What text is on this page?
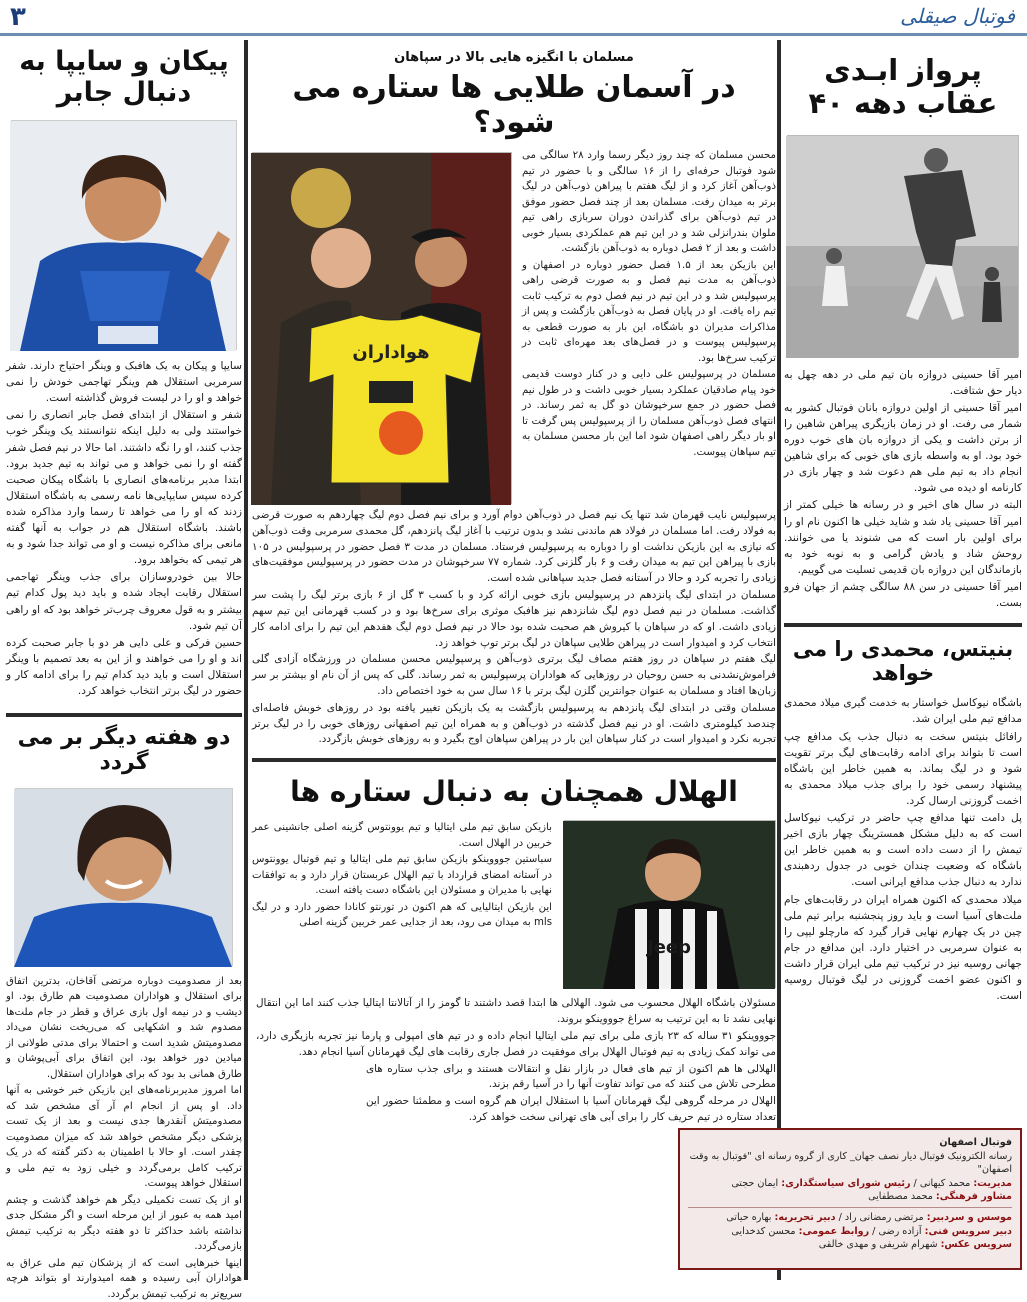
۳	فوتبال صیقلی
پیکان و سایپا به دنبال جابر

سایپا و پیکان به یک هافبک و وینگر احتیاج دارند. شفر سرمربی استقلال هم وینگر تهاجمی خودش را نمی خواهد و او را در لیست فروش گذاشته است.

شفر و استقلال از ابتدای فصل جابر انصاری را نمی خواستند ولی به دلیل اینکه نتوانستند یک وینگر خوب جذب کنند، او را نگه داشتند. اما حالا در نیم فصل شفر گفته او را نمی خواهد و می تواند به تیم جدید برود. ابتدا مدیر برنامه‌های انصاری با باشگاه پیکان صحبت کرده سپس سایپایی‌ها نامه رسمی به باشگاه استقلال زدند که او را می خواهد تا رسما وارد مذاکره شده باشند. باشگاه استقلال هم در جواب به آنها گفته مانعی برای مذاکره نیست و او می تواند جدا شود و به هر تیمی که بخواهد برود.

حالا بین خودروسازان برای جذب وینگر تهاجمی استقلال رقابت ایجاد شده و باید دید پول کدام تیم بیشتر و به قول معروف چرب‌تر خواهد بود که او راهی آن تیم شود.

حسین فرکی و علی دایی هر دو با جابر صحبت کرده اند و او را می خواهند و از این به بعد تصمیم با وینگر استقلال است و باید دید کدام تیم را برای ادامه کار و حضور در لیگ برتر انتخاب خواهد کرد.

دو هفته دیگر بر می گردد

بعد از مصدومیت دوباره مرتضی آقاخان، بدترین اتفاق برای استقلال و هواداران مصدومیت هم طارق بود. او دیشب و در نیمه اول بازی عراق و قطر در جام ملت‌ها مصدوم شد و اشکهایی که می‌ریخت نشان می‌داد مصدومیتش شدید است و احتمالا برای مدتی طولانی از میادین دور خواهد بود. این اتفاق برای آبی‌پوشان و طارق همانی بد بود که برای هواداران استقلال.

اما امروز مدیربرنامه‌های این بازیکن خبر خوشی به آنها داد. او پس از انجام ام آر آی مشخص شد که مصدومیتش آنقدرها جدی نیست و بعد از یک تست پزشکی دیگر مشخص خواهد شد که میزان مصدومیت چقدر است. او حالا با اطمینان به دکتر گفته که در یک ترکیب کامل برمی‌گردد و خیلی زود به تیم ملی و استقلال خواهد پیوست.

او از یک تست تکمیلی دیگر هم خواهد گذشت و چشم امید همه به عبور از این مرحله است و اگر مشکل جدی نداشته باشد حداکثر تا دو هفته دیگر به ترکیب تیمش بازمی‌گردد.

اینها خبرهایی است که از پزشکان تیم ملی عراق به هواداران آبی رسیده و همه امیدوارند او بتواند هرچه سریع‌تر به ترکیب تیمش برگردد.

مسلمان با انگیزه هایی بالا در سپاهان
در آسمان طلایی ها ستاره می شود؟
هواداران

محسن مسلمان که چند روز دیگر رسما وارد ۲۸ سالگی می شود فوتبال حرفه‌ای را از ۱۶ سالگی و با حضور در تیم ذوب‌آهن آغاز کرد و از لیگ هفتم با پیراهن ذوب‌آهن در لیگ برتر به میدان رفت. مسلمان بعد از چند فصل حضور موفق در تیم ذوب‌آهن برای گذراندن دوران سربازی راهی تیم ملوان بندرانزلی شد و در این تیم هم عملکردی بسیار خوبی داشت و بعد از ۲ فصل دوباره به ذوب‌آهن بازگشت.

این بازیکن بعد از ۱.۵ فصل حضور دوباره در اصفهان و ذوب‌آهن به مدت نیم فصل و به صورت قرضی راهی پرسپولیس شد و در این تیم در نیم فصل دوم به ترکیب ثابت تیم راه یافت. او در پایان فصل به ذوب‌آهن بازگشت و پس از مذاکرات مدیران دو باشگاه، این بار به صورت قطعی به پرسپولیس پیوست و در فصل‌های بعد مهره‌ای ثابت در ترکیب سرخ‌ها بود.

مسلمان در پرسپولیس علی دایی و در کنار دوست قدیمی خود پیام صادقیان عملکرد بسیار خوبی داشت و در طول نیم فصل حضور در جمع سرخپوشان دو گل به ثمر رساند. در انتهای فصل ذوب‌آهن مسلمان را از پرسپولیس پس گرفت تا او بار دیگر راهی اصفهان شود اما این بار محسن مسلمان به تیم سپاهان پیوست.

پرسپولیس نایب قهرمان شد تنها یک نیم فصل در ذوب‌آهن دوام آورد و برای نیم فصل دوم لیگ چهاردهم به صورت قرضی به فولاد رفت. اما مسلمان در فولاد هم ماندنی نشد و بدون ترتیب با آغاز لیگ پانزدهم، گل محمدی سرمربی وقت ذوب‌آهن که نیازی به این بازیکن نداشت او را دوباره به پرسپولیس فرستاد. مسلمان در مدت ۳ فصل حضور در پرسپولیس در ۱۰۵ بازی با پیراهن این تیم به میدان رفت و ۶ بار گلزنی کرد. شماره ۷۷ سرخپوشان در مدت حضور در پرسپولیس موفقیت‌های زیادی را تجربه کرد و حالا در آستانه فصل جدید سپاهانی شده است.

مسلمان در ابتدای لیگ پانزدهم در پرسپولیس بازی خوبی ارائه کرد و با کسب ۳ گل از ۶ بازی برتر لیگ را پشت سر گذاشت. مسلمان در نیم فصل دوم لیگ شانزدهم نیز هافبک موثری برای سرخ‌ها بود و در کسب قهرمانی این تیم سهم زیادی داشت. او که در سپاهان با کیروش هم صحبت شده بود حالا در نیم فصل دوم لیگ هفدهم این تیم را برای ادامه کار انتخاب کرد و امیدوار است در پیراهن طلایی سپاهان در لیگ برتر توپ خواهد زد.

لیگ هفتم در سپاهان در روز هفتم مصاف لیگ برتری ذوب‌آهن و پرسپولیس محسن مسلمان در ورزشگاه آزادی گلی فراموش‌نشدنی به حسن روحیان در روزهایی که هواداران پرسپولیس به ثمر رساند. گلی که پس از آن نام او بیشتر بر سر زبان‌ها افتاد و مسلمان به عنوان جوانترین گلزن لیگ برتر با ۱۶ سال سن به خود اختصاص داد.

مسلمان وقتی در ابتدای لیگ پانزدهم به پرسپولیس بازگشت به یک بازیکن تغییر یافته بود در روزهای خوبش فاصله‌ای چندصد کیلومتری داشت. او در نیم فصل گذشته در ذوب‌آهن و به همراه این تیم اصفهانی روزهای خوبی را در لیگ برتر تجربه نکرد و امیدوار است در کنار سپاهان این بار در پیراهن سپاهان اوج بگیرد و به روزهای خوبش بازگردد.

الهلال همچنان به دنبال ستاره ها
Jeep

بازیکن سابق تیم ملی ایتالیا و تیم یوونتوس گزینه اصلی جانشینی عمر خربین در الهلال است.

سباستین جوووینکو بازیکن سابق تیم ملی ایتالیا و تیم فوتبال یوونتوس در آستانه امضای قرارداد با تیم الهلال عربستان قرار دارد و به توافقات نهایی با مدیران و مسئولان این باشگاه دست یافته است.

این بازیکن ایتالیایی که هم اکنون در تورنتو کانادا حضور دارد و در لیگ mls به میدان می رود، بعد از جدایی عمر خربین گزینه اصلی

مسئولان باشگاه الهلال محسوب می شود. الهلالی ها ابتدا قصد داشتند تا گومز را از آتالانتا ایتالیا جذب کنند اما این انتقال نهایی نشد تا به این ترتیب به سراغ جوووینکو بروند.

جوووینکو ۳۱ ساله که ۲۳ بازی ملی برای تیم ملی ایتالیا انجام داده و در تیم های امپولی و پارما نیز تجربه بازیگری دارد، می تواند کمک زیادی به تیم فوتبال الهلال برای موفقیت در فصل جاری رقابت های لیگ قهرمانان آسیا انجام دهد.

الهلالی ها هم اکنون از تیم های فعال در بازار نقل و انتقالات هستند و برای جذب ستاره های مطرحی تلاش می کنند که می تواند تفاوت آنها را در آسیا رقم بزند.

الهلال در مرحله گروهی لیگ قهرمانان آسیا با استقلال ایران هم گروه است و مطمئنا حضور این تعداد ستاره در تیم حریف کار را برای آبی های تهرانی سخت خواهد کرد.

پرواز ابـدی عقاب دهه ۴۰

امیر آقا حسینی دروازه بان تیم ملی در دهه چهل به دیار حق شتافت.

امیر آقا حسینی از اولین دروازه بانان فوتبال کشور به شمار می رفت. او در زمان بازیگری پیراهن شاهین را از برتن داشت و یکی از دروازه بان های خوب دوره خود بود. او به واسطه بازی های خوبی که برای شاهین انجام داد به تیم ملی هم دعوت شد و چهار بازی در کارنامه او دیده می شود.

البته در سال های اخیر و در رسانه ها خیلی کمتر از امیر آقا حسینی یاد شد و شاید خیلی ها اکنون نام او را برای اولین بار است که می شنوند یا می خوانند. روحش شاد و یادش گرامی و به نوبه خود به بازماندگان این دروازه بان قدیمی تسلیت می گوییم.

امیر آقا حسینی در سن ۸۸ سالگی چشم از جهان فرو بست.

بنیتس، محمدی را می خواهد

باشگاه نیوکاسل خواستار به خدمت گیری میلاد محمدی مدافع تیم ملی ایران شد.

رافائل بنیتس سخت به دنبال جذب یک مدافع چپ است تا بتواند برای ادامه رقابت‌های لیگ برتر تقویت شود و در لیگ بماند. به همین خاطر این باشگاه پیشنهاد رسمی خود را برای جذب میلاد محمدی به اخمت گروزنی ارسال کرد.

پل دامت تنها مدافع چپ حاضر در ترکیب نیوکاسل است که به دلیل مشکل همسترینگ چهار بازی اخیر تیمش را از دست داده است و به همین خاطر این باشگاه که وضعیت چندان خوبی در جدول ردهبندی ندارد به دنبال جذب مدافع ایرانی است.

میلاد محمدی که اکنون همراه ایران در رقابت‌های جام ملت‌های آسیا است و باید روز پنجشنبه برابر تیم ملی چین در یک چهارم نهایی قرار گیرد که مارچلو لیپی را به عنوان سرمربی در اختیار دارد. این مدافع در جام جهانی روسیه نیز در ترکیب تیم ملی ایران قرار داشت و اکنون عضو اخمت گروزنی در لیگ فوتبال روسیه است.

فوتبال اصفهان
رسانه الکترونیک فوتبال دیار نصف جهان_ کاری از گروه رسانه ای "فوتبال به وقت اصفهان"
مدیریت: محمد کیهانی / رئیس شورای سیاستگذاری: ایمان حجتی
مشاور فرهنگی: محمد مصطفایی
موسس و سردبیر: مرتضی رمضانی راد / دبیر تحریریه: بهاره حیاتی
دبیر سرویس فنی: آزاده رضی / روابط عمومی: محسن کدخدایی
سرویس عکس: شهرام شریفی و مهدی خالقی
